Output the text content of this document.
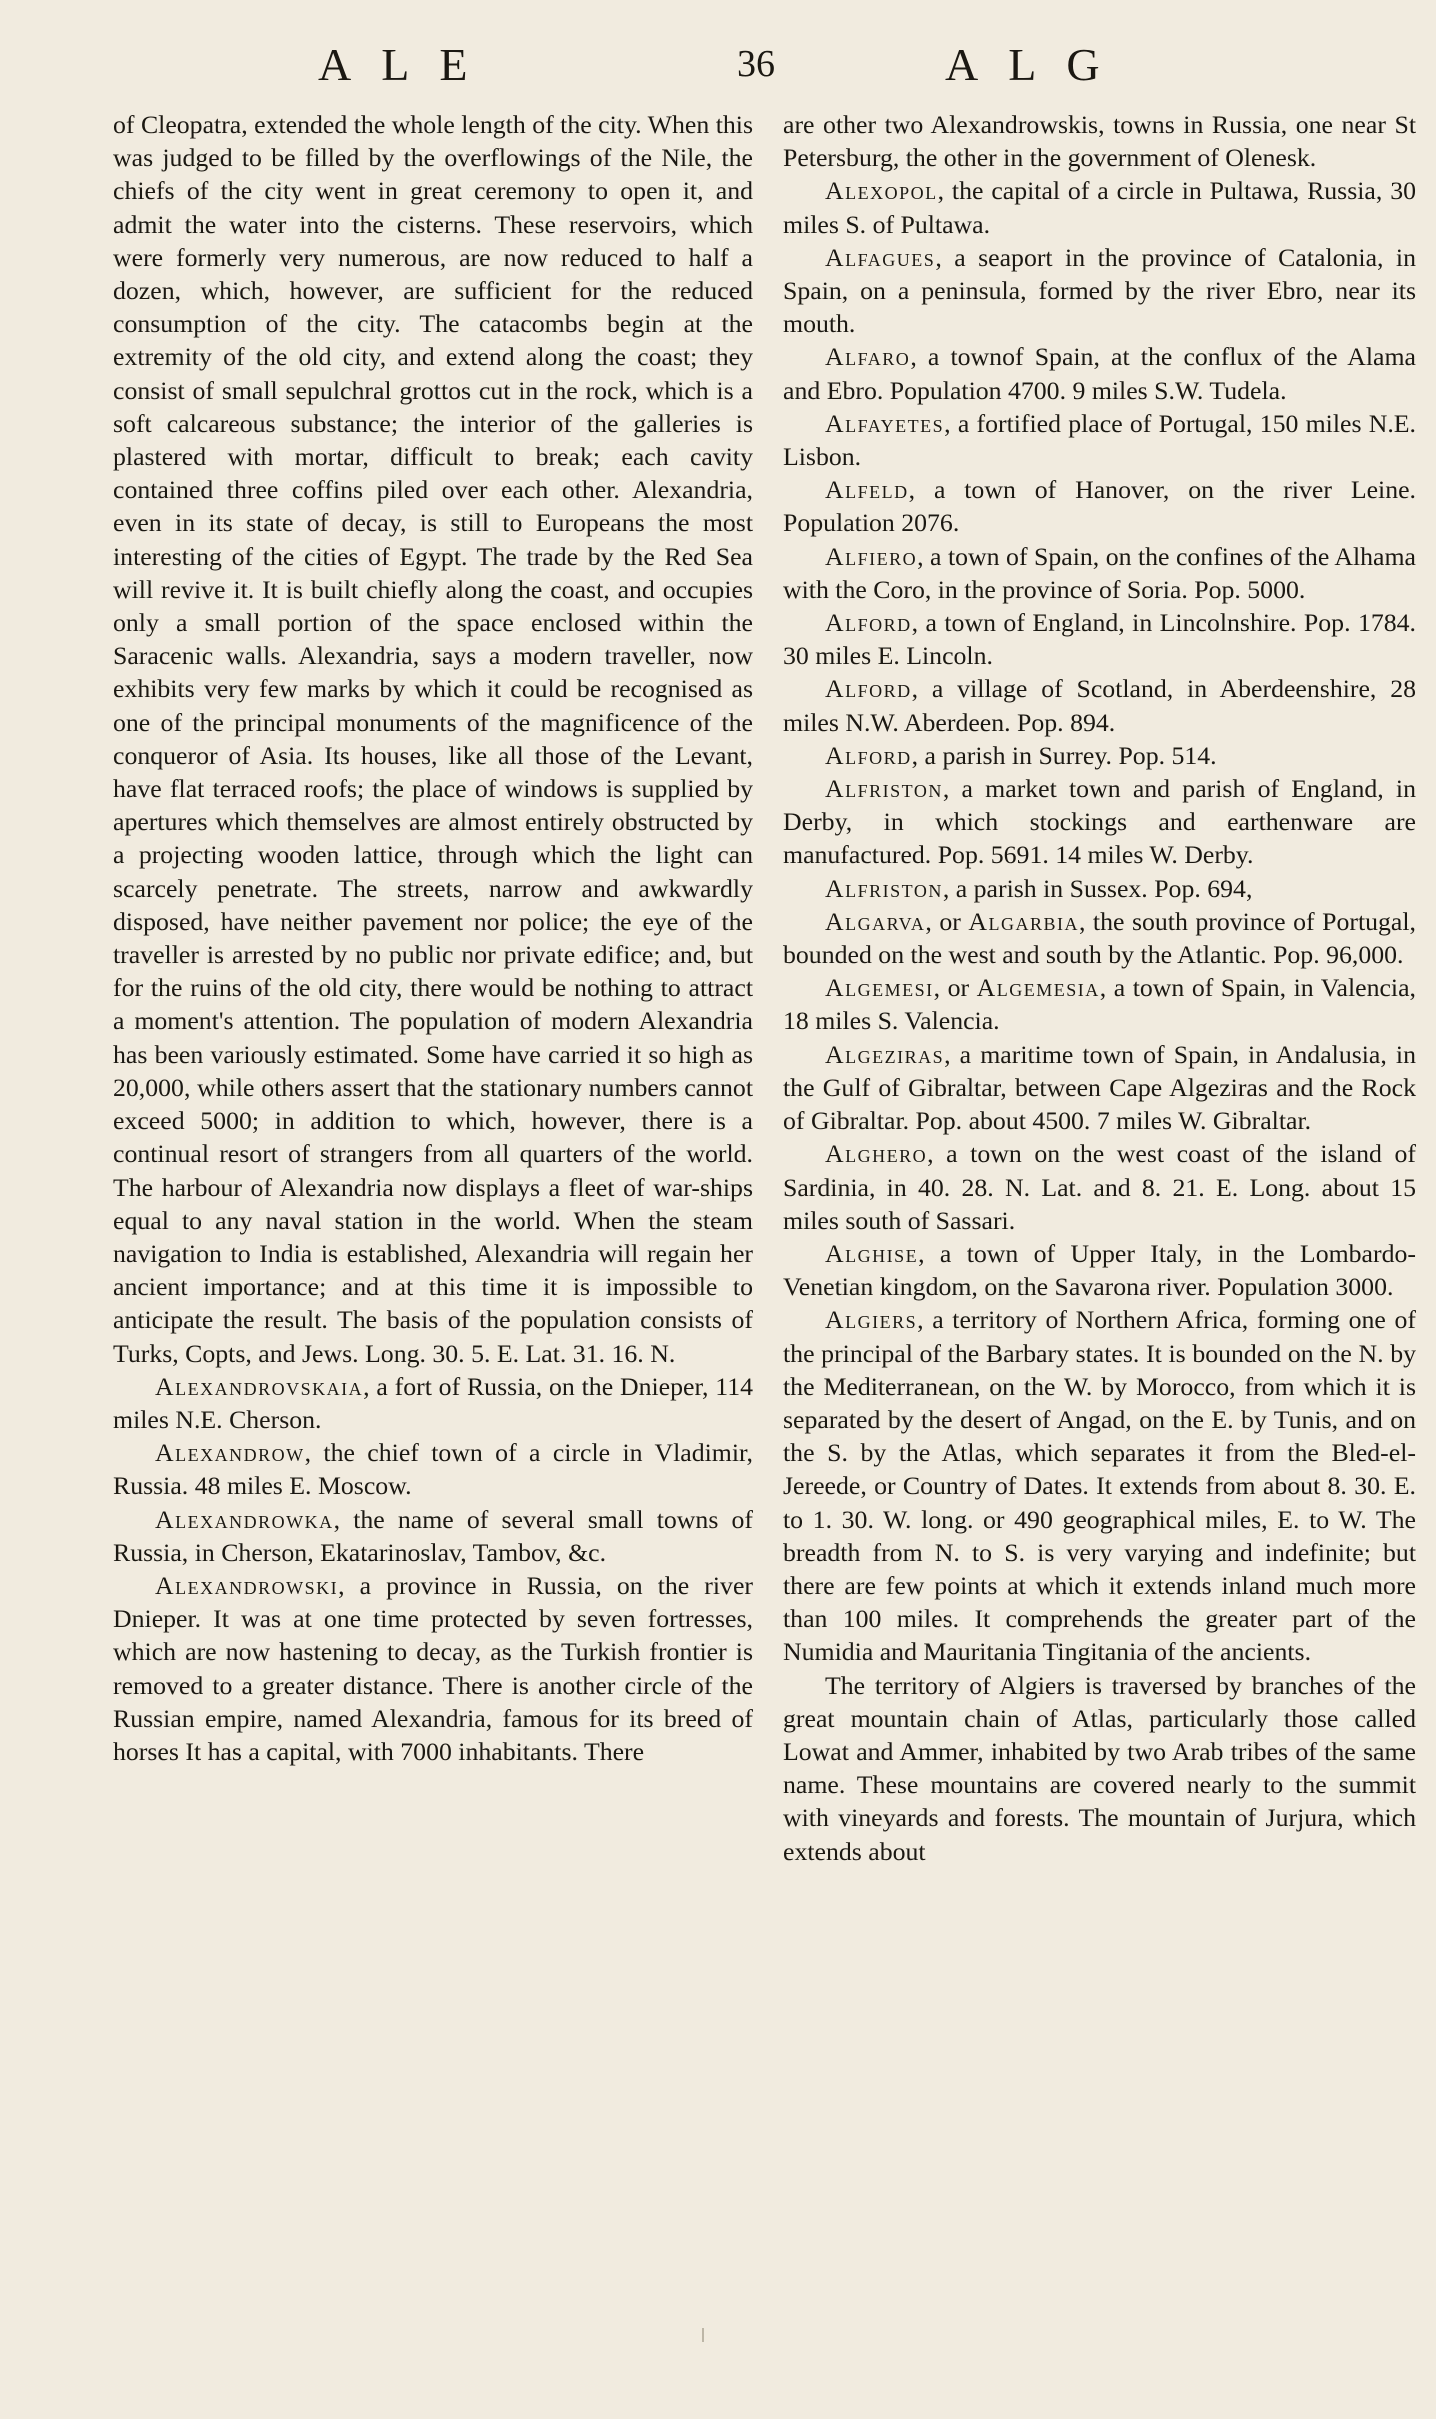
ALE	36	ALG

of Cleopatra, extended the whole length of the city. When this was judged to be filled by the overflowings of the Nile, the chiefs of the city went in great ceremony to open it, and admit the water into the cisterns. These reservoirs, which were formerly very numerous, are now reduced to half a dozen, which, however, are sufficient for the reduced consumption of the city. The catacombs begin at the extremity of the old city, and extend along the coast; they consist of small sepulchral grottos cut in the rock, which is a soft calcareous substance; the interior of the galleries is plastered with mortar, difficult to break; each cavity contained three coffins piled over each other. Alexandria, even in its state of decay, is still to Europeans the most interesting of the cities of Egypt. The trade by the Red Sea will revive it. It is built chiefly along the coast, and occupies only a small portion of the space enclosed within the Saracenic walls. Alexandria, says a modern traveller, now exhibits very few marks by which it could be recognised as one of the principal monuments of the magnificence of the conqueror of Asia. Its houses, like all those of the Levant, have flat terraced roofs; the place of windows is supplied by apertures which themselves are almost entirely obstructed by a projecting wooden lattice, through which the light can scarcely penetrate. The streets, narrow and awkwardly disposed, have neither pavement nor police; the eye of the traveller is arrested by no public nor private edifice; and, but for the ruins of the old city, there would be nothing to attract a moment's attention. The population of modern Alexandria has been variously estimated. Some have carried it so high as 20,000, while others assert that the stationary numbers cannot exceed 5000; in addition to which, however, there is a continual resort of strangers from all quarters of the world. The harbour of Alexandria now displays a fleet of war-ships equal to any naval station in the world. When the steam navigation to India is established, Alexandria will regain her ancient importance; and at this time it is impossible to anticipate the result. The basis of the population consists of Turks, Copts, and Jews. Long. 30. 5. E. Lat. 31. 16. N.

Alexandrovskaia, a fort of Russia, on the Dnieper, 114 miles N.E. Cherson.

Alexandrow, the chief town of a circle in Vladimir, Russia. 48 miles E. Moscow.

Alexandrowka, the name of several small towns of Russia, in Cherson, Ekatarinoslav, Tambov, &c.

Alexandrowski, a province in Russia, on the river Dnieper. It was at one time protected by seven fortresses, which are now hastening to decay, as the Turkish frontier is removed to a greater distance. There is another circle of the Russian empire, named Alexandria, famous for its breed of horses It has a capital, with 7000 inhabitants. There

are other two Alexandrowskis, towns in Russia, one near St Petersburg, the other in the government of Olenesk.

Alexopol, the capital of a circle in Pultawa, Russia, 30 miles S. of Pultawa.

Alfagues, a seaport in the province of Catalonia, in Spain, on a peninsula, formed by the river Ebro, near its mouth.

Alfaro, a townof Spain, at the conflux of the Alama and Ebro. Population 4700. 9 miles S.W. Tudela.

Alfayetes, a fortified place of Portugal, 150 miles N.E. Lisbon.

Alfeld, a town of Hanover, on the river Leine. Population 2076.

Alfiero, a town of Spain, on the confines of the Alhama with the Coro, in the province of Soria. Pop. 5000.

Alford, a town of England, in Lincolnshire. Pop. 1784. 30 miles E. Lincoln.

Alford, a village of Scotland, in Aberdeenshire, 28 miles N.W. Aberdeen. Pop. 894.

Alford, a parish in Surrey. Pop. 514.

Alfriston, a market town and parish of England, in Derby, in which stockings and earthenware are manufactured. Pop. 5691. 14 miles W. Derby.

Alfriston, a parish in Sussex. Pop. 694,

Algarva, or Algarbia, the south province of Portugal, bounded on the west and south by the Atlantic. Pop. 96,000.

Algemesi, or Algemesia, a town of Spain, in Valencia, 18 miles S. Valencia.

Algeziras, a maritime town of Spain, in Andalusia, in the Gulf of Gibraltar, between Cape Algeziras and the Rock of Gibraltar. Pop. about 4500. 7 miles W. Gibraltar.

Alghero, a town on the west coast of the island of Sardinia, in 40. 28. N. Lat. and 8. 21. E. Long. about 15 miles south of Sassari.

Alghise, a town of Upper Italy, in the Lombardo-Venetian kingdom, on the Savarona river. Population 3000.

Algiers, a territory of Northern Africa, forming one of the principal of the Barbary states. It is bounded on the N. by the Mediterranean, on the W. by Morocco, from which it is separated by the desert of Angad, on the E. by Tunis, and on the S. by the Atlas, which separates it from the Bled-el-Jereede, or Country of Dates. It extends from about 8. 30. E. to 1. 30. W. long. or 490 geographical miles, E. to W. The breadth from N. to S. is very varying and indefinite; but there are few points at which it extends inland much more than 100 miles. It comprehends the greater part of the Numidia and Mauritania Tingitania of the ancients.

The territory of Algiers is traversed by branches of the great mountain chain of Atlas, particularly those called Lowat and Ammer, inhabited by two Arab tribes of the same name. These mountains are covered nearly to the summit with vineyards and forests. The mountain of Jurjura, which extends about
